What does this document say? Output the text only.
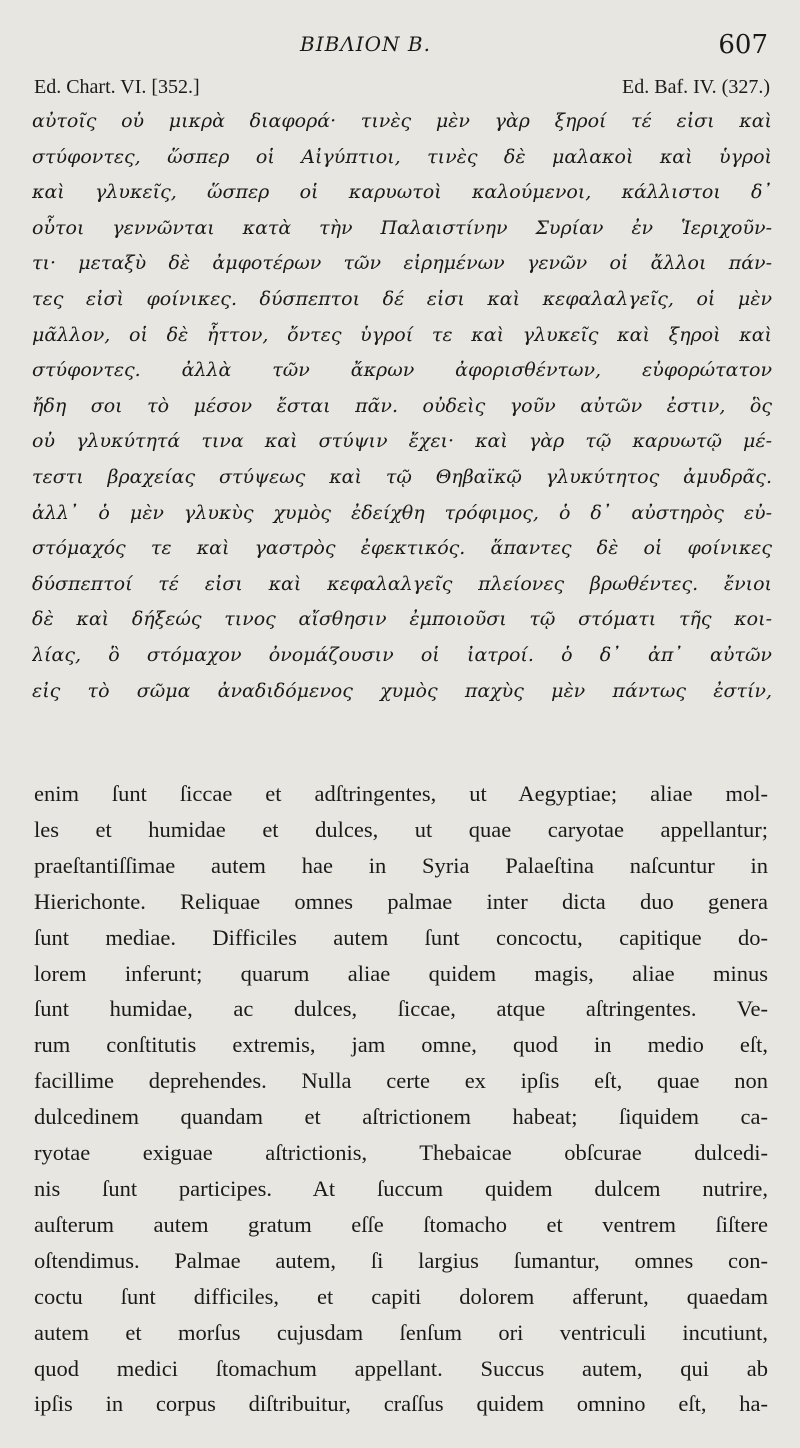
BIBΛΙΟΝ Β.	607
Ed. Chart. VI. [352.]	Ed. Baf. IV. (327.)
αὐτοῖς οὐ μικρὰ διαφορά· τινὲς μὲν γὰρ ξηροί τέ εἰσι καὶ
στύφοντες, ὥσπερ οἱ Αἰγύπτιοι, τινὲς δὲ μαλακοὶ καὶ ὑγροὶ
καὶ γλυκεῖς, ὥσπερ οἱ καρυωτοὶ καλούμενοι, κάλλιστοι δ᾽
οὗτοι γεννῶνται κατὰ τὴν Παλαιστίνην Συρίαν ἐν Ἱεριχοῦν-
τι· μεταξὺ δὲ ἀμφοτέρων τῶν εἰρημένων γενῶν οἱ ἄλλοι πάν-
τες εἰσὶ φοίνικες. δύσπεπτοι δέ εἰσι καὶ κεφαλαλγεῖς, οἱ μὲν
μᾶλλον, οἱ δὲ ἧττον, ὄντες ὑγροί τε καὶ γλυκεῖς καὶ ξηροὶ καὶ
στύφοντες. ἀλλὰ τῶν ἄκρων ἀφορισθέντων, εὐφορώτατον
ἤδη σοι τὸ μέσον ἔσται πᾶν. οὐδεὶς γοῦν αὐτῶν ἐστιν, ὃς
οὐ γλυκύτητά τινα καὶ στύψιν ἔχει· καὶ γὰρ τῷ καρυωτῷ μέ-
τεστι βραχείας στύψεως καὶ τῷ Θηβαϊκῷ γλυκύτητος ἀμυδρᾶς.
ἀλλ᾽ ὁ μὲν γλυκὺς χυμὸς ἐδείχθη τρόφιμος, ὁ δ᾽ αὐστηρὸς εὐ-
στόμαχός τε καὶ γαστρὸς ἐφεκτικός. ἅπαντες δὲ οἱ φοίνικες
δύσπεπτοί τέ εἰσι καὶ κεφαλαλγεῖς πλείονες βρωθέντες. ἔνιοι
δὲ καὶ δήξεώς τινος αἴσθησιν ἐμποιοῦσι τῷ στόματι τῆς κοι-
λίας, ὃ στόμαχον ὀνομάζουσιν οἱ ἰατροί. ὁ δ᾽ ἀπ᾽ αὐτῶν
εἰς τὸ σῶμα ἀναδιδόμενος χυμὸς παχὺς μὲν πάντως ἐστίν,
enim ſunt ſiccae et adſtringentes, ut Aegyptiae; aliae mol-
les et humidae et dulces, ut quae caryotae appellantur;
praeſtantiſſimae autem hae in Syria Palaeſtina naſcuntur in
Hierichonte. Reliquae omnes palmae inter dicta duo genera
ſunt mediae. Difficiles autem ſunt concoctu, capitique do-
lorem inferunt; quarum aliae quidem magis, aliae minus
ſunt humidae, ac dulces, ſiccae, atque aſtringentes. Ve-
rum conſtitutis extremis, jam omne, quod in medio eſt,
facillime deprehendes. Nulla certe ex ipſis eſt, quae non
dulcedinem quandam et aſtrictionem habeat; ſiquidem ca-
ryotae exiguae aſtrictionis, Thebaicae obſcurae dulcedi-
nis ſunt participes. At ſuccum quidem dulcem nutrire,
auſterum autem gratum eſſe ſtomacho et ventrem ſiſtere
oſtendimus. Palmae autem, ſi largius ſumantur, omnes con-
coctu ſunt difficiles, et capiti dolorem afferunt, quaedam
autem et morſus cujusdam ſenſum ori ventriculi incutiunt,
quod medici ſtomachum appellant. Succus autem, qui ab
ipſis in corpus diſtribuitur, craſſus quidem omnino eſt, ha-
